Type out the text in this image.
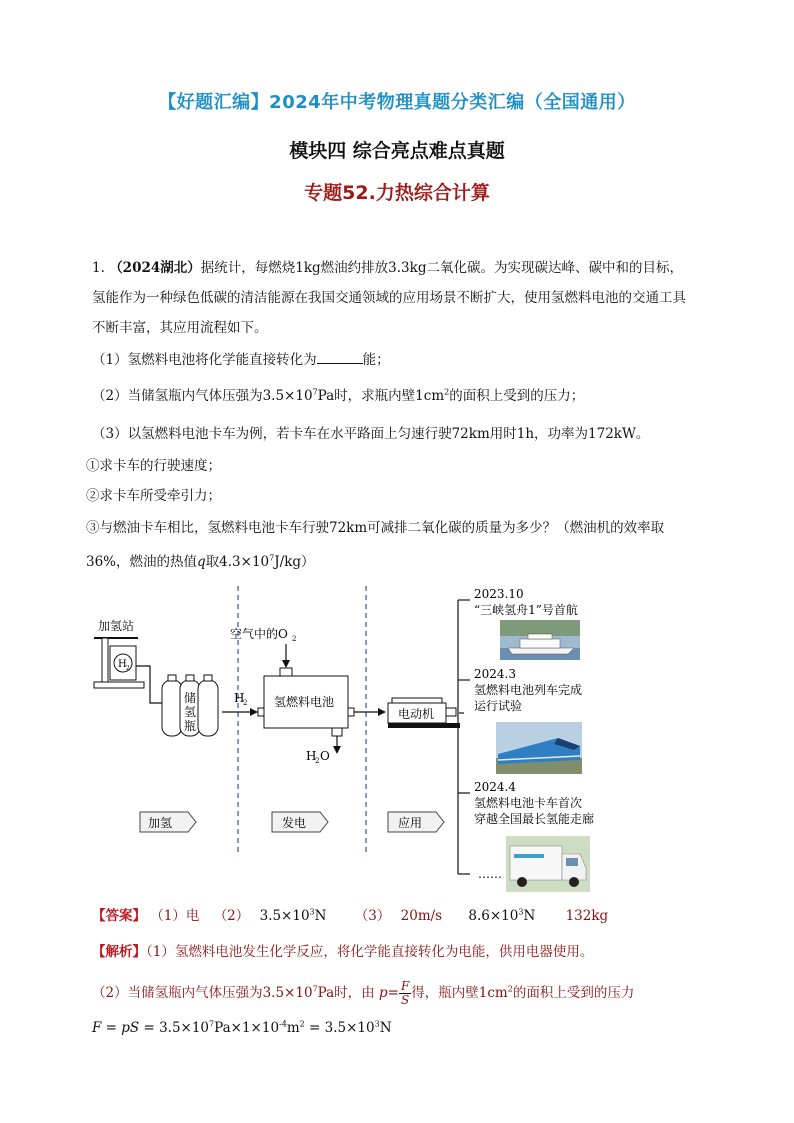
【好题汇编】2024年中考物理真题分类汇编（全国通用）
模块四 综合亮点难点真题
专题52.力热综合计算
1. （2024湖北）据统计，每燃烧1kg燃油约排放3.3kg二氧化碳。为实现碳达峰、碳中和的目标，
氢能作为一种绿色低碳的清洁能源在我国交通领域的应用场景不断扩大，使用氢燃料电池的交通工具
不断丰富，其应用流程如下。
（1）氢燃料电池将化学能直接转化为	能；
（2）当储氢瓶内气体压强为$3.5\times 10^7Pa$时，求瓶内壁$1cm^2$的面积上受到的压力；
（3）以氢燃料电池卡车为例，若卡车在水平路面上匀速行驶72km用时1h，功率为172kW。
①求卡车的行驶速度；
②求卡车所受牵引力；
③与燃油卡车相比，氢燃料电池卡车行驶72km可减排二氧化碳的质量为多少？（燃油机的效率取
36%，燃油的热值q取$4.3\times 10^7J/kg$）
加氢站
H 2
储
氢
瓶
H
2
空气中的O 2
氢燃料电池
H
2 O
电动机
加氢	发电	应用
2023.10
“三峡氢舟1”号首航
2024.3
氢燃料电池列车完成
运行试验
2024.4
氢燃料电池卡车首次
穿越全国最长氢能走廊
……
【答案】 （1）电 （2） $3.5\times 10^3N$ （3） 20m/s $8.6\times 10^3N$ 132kg
【解析】（1）氢燃料电池发生化学反应，将化学能直接转化为电能，供用电器使用。
（2）当储氢瓶内气体压强为$3.5\times 10^7Pa$时，由 $p= \frac{F}{S}$ 得，瓶内壁$1cm^2$的面积上受到的压力
F = pS = $3.5\times 10^7Pa\times 1\times 10^{-4}m^2 = 3.5\times 10^3N$
